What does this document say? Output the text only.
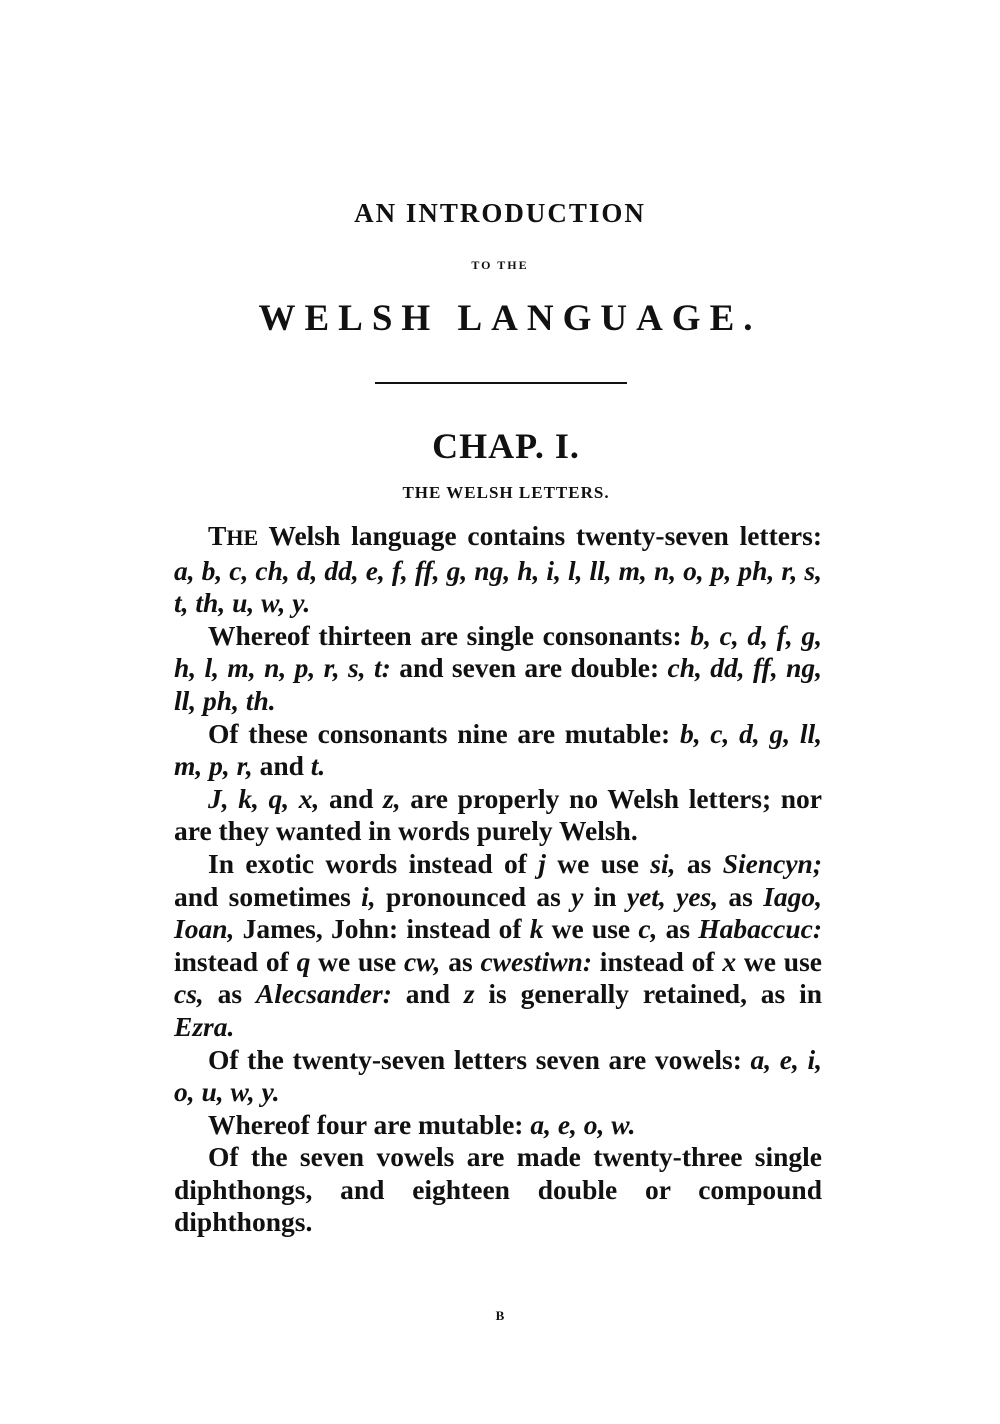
AN INTRODUCTION
TO THE
WELSH LANGUAGE.
CHAP. I.
THE WELSH LETTERS.

THE Welsh language contains twenty-seven letters: a, b, c, ch, d, dd, e, f, ff, g, ng, h, i, l, ll, m, n, o, p, ph, r, s, t, th, u, w, y.

Whereof thirteen are single consonants: b, c, d, f, g, h, l, m, n, p, r, s, t: and seven are double: ch, dd, ff, ng, ll, ph, th.

Of these consonants nine are mutable: b, c, d, g, ll, m, p, r, and t.

J, k, q, x, and z, are properly no Welsh letters; nor are they wanted in words purely Welsh.

In exotic words instead of j we use si, as Siencyn; and sometimes i, pronounced as y in yet, yes, as Iago, Ioan, James, John: instead of k we use c, as Habaccuc: instead of q we use cw, as cwestiwn: instead of x we use cs, as Alecsander: and z is generally retained, as in Ezra.

Of the twenty-seven letters seven are vowels: a, e, i, o, u, w, y.

Whereof four are mutable: a, e, o, w.

Of the seven vowels are made twenty-three single diphthongs, and eighteen double or compound diphthongs.

B
